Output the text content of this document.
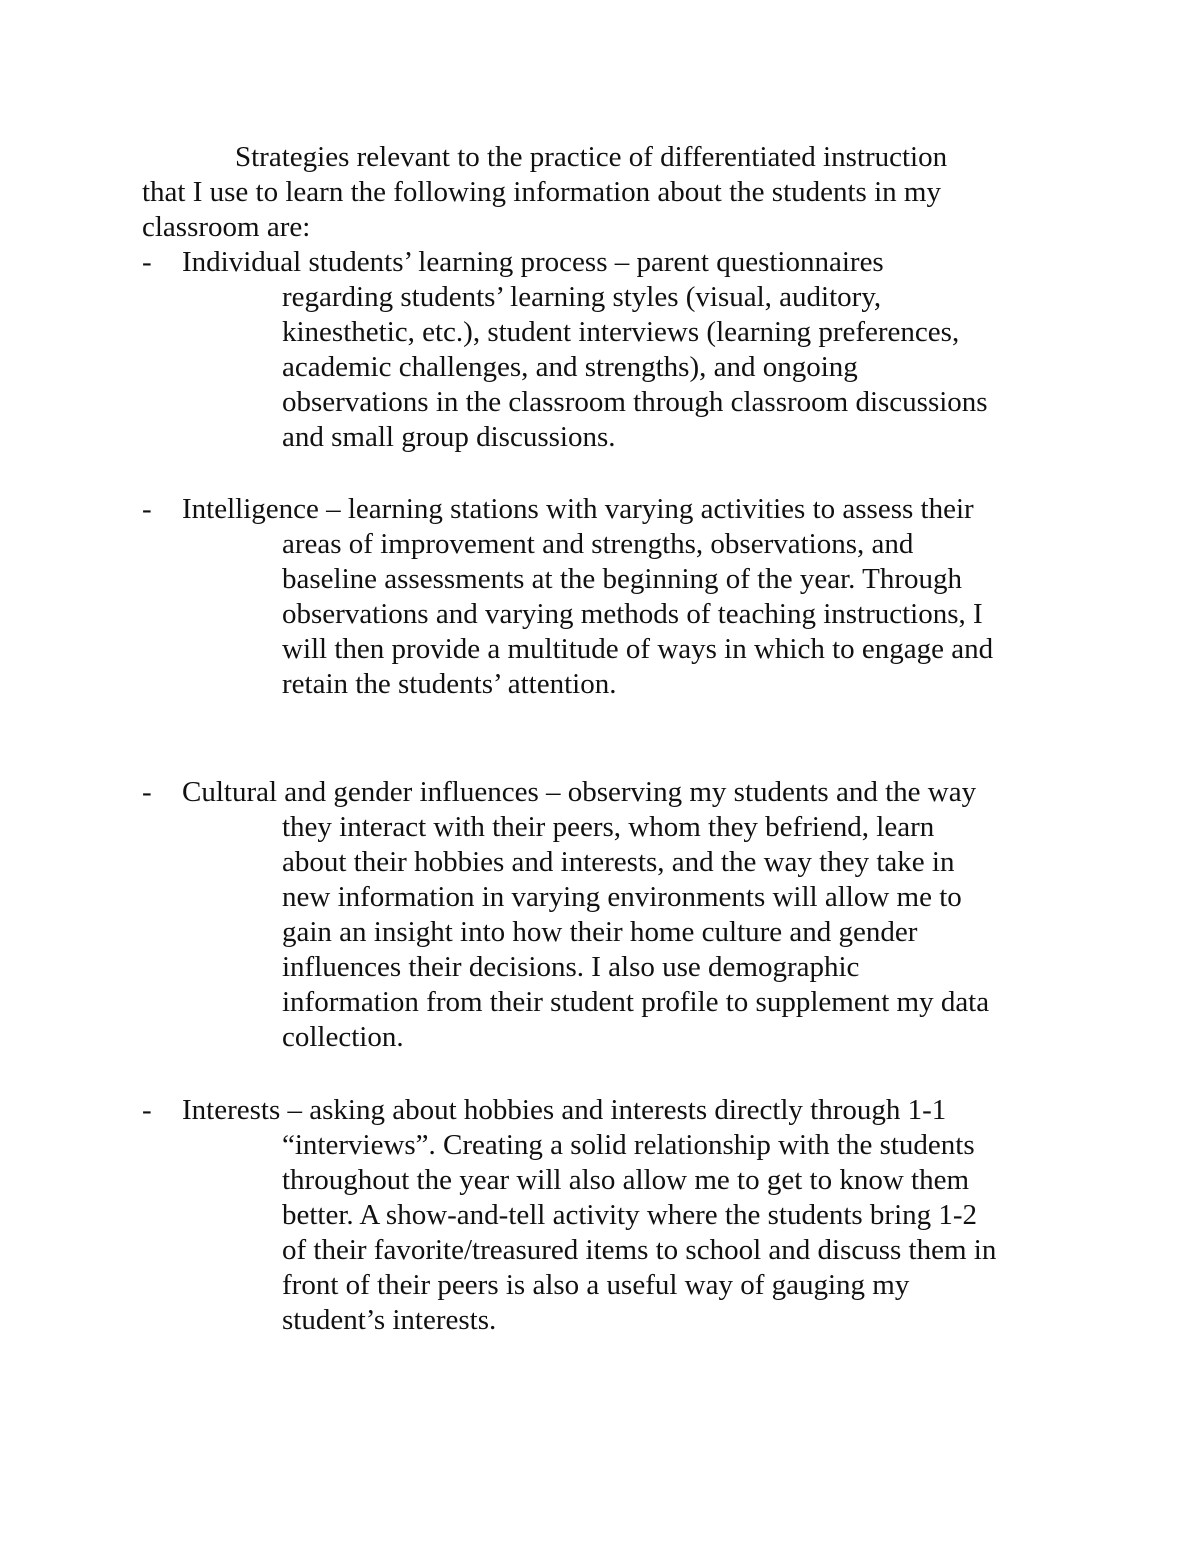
Strategies relevant to the practice of differentiated instruction
that I use to learn the following information about the students in my
classroom are:

- Individual students’ learning process – parent questionnaires
regarding students’ learning styles (visual, auditory,
kinesthetic, etc.), student interviews (learning preferences,
academic challenges, and strengths), and ongoing
observations in the classroom through classroom discussions
and small group discussions.
- Intelligence – learning stations with varying activities to assess their
areas of improvement and strengths, observations, and
baseline assessments at the beginning of the year. Through
observations and varying methods of teaching instructions, I
will then provide a multitude of ways in which to engage and
retain the students’ attention.
- Cultural and gender influences – observing my students and the way
they interact with their peers, whom they befriend, learn
about their hobbies and interests, and the way they take in
new information in varying environments will allow me to
gain an insight into how their home culture and gender
influences their decisions. I also use demographic
information from their student profile to supplement my data
collection.
- Interests – asking about hobbies and interests directly through 1-1
“interviews”. Creating a solid relationship with the students
throughout the year will also allow me to get to know them
better. A show-and-tell activity where the students bring 1-2
of their favorite/treasured items to school and discuss them in
front of their peers is also a useful way of gauging my
student’s interests.
